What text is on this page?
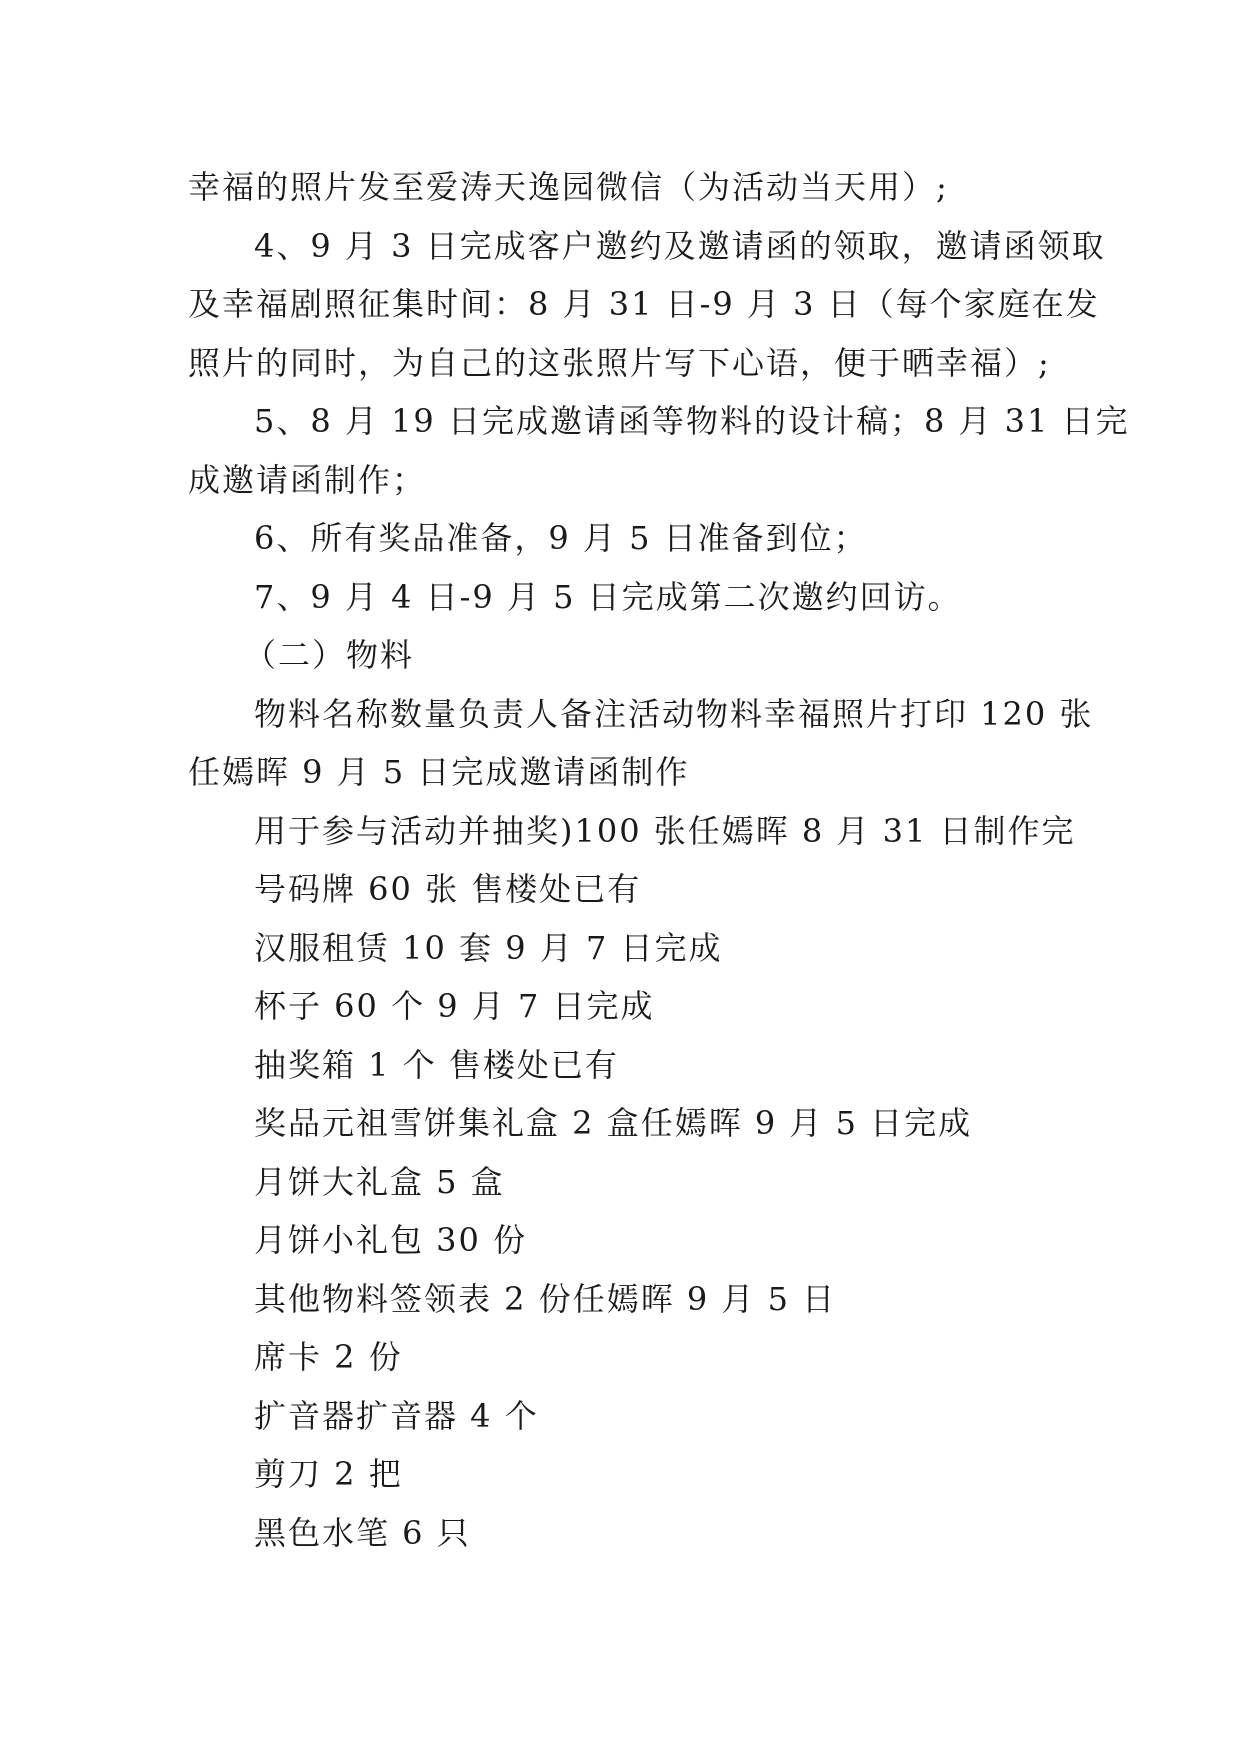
幸福的照片发至爱涛天逸园微信（为活动当天用）;
4、9 月 3 日完成客户邀约及邀请函的领取，邀请函领取
及幸福剧照征集时间：8 月 31 日-9 月 3 日（每个家庭在发
照片的同时，为自己的这张照片写下心语，便于晒幸福）;
5、8 月 19 日完成邀请函等物料的设计稿；8 月 31 日完
成邀请函制作；
6、所有奖品准备，9 月 5 日准备到位；
7、9 月 4 日-9 月 5 日完成第二次邀约回访。
（二）物料
物料名称数量负责人备注活动物料幸福照片打印 120 张
任嫣晖 9 月 5 日完成邀请函制作
用于参与活动并抽奖)100 张任嫣晖 8 月 31 日制作完
号码牌 60 张 售楼处已有
汉服租赁 10 套 9 月 7 日完成
杯子 60 个 9 月 7 日完成
抽奖箱 1 个 售楼处已有
奖品元祖雪饼集礼盒 2 盒任嫣晖 9 月 5 日完成
月饼大礼盒 5 盒
月饼小礼包 30 份
其他物料签领表 2 份任嫣晖 9 月 5 日
席卡 2 份
扩音器扩音器 4 个
剪刀 2 把
黑色水笔 6 只
